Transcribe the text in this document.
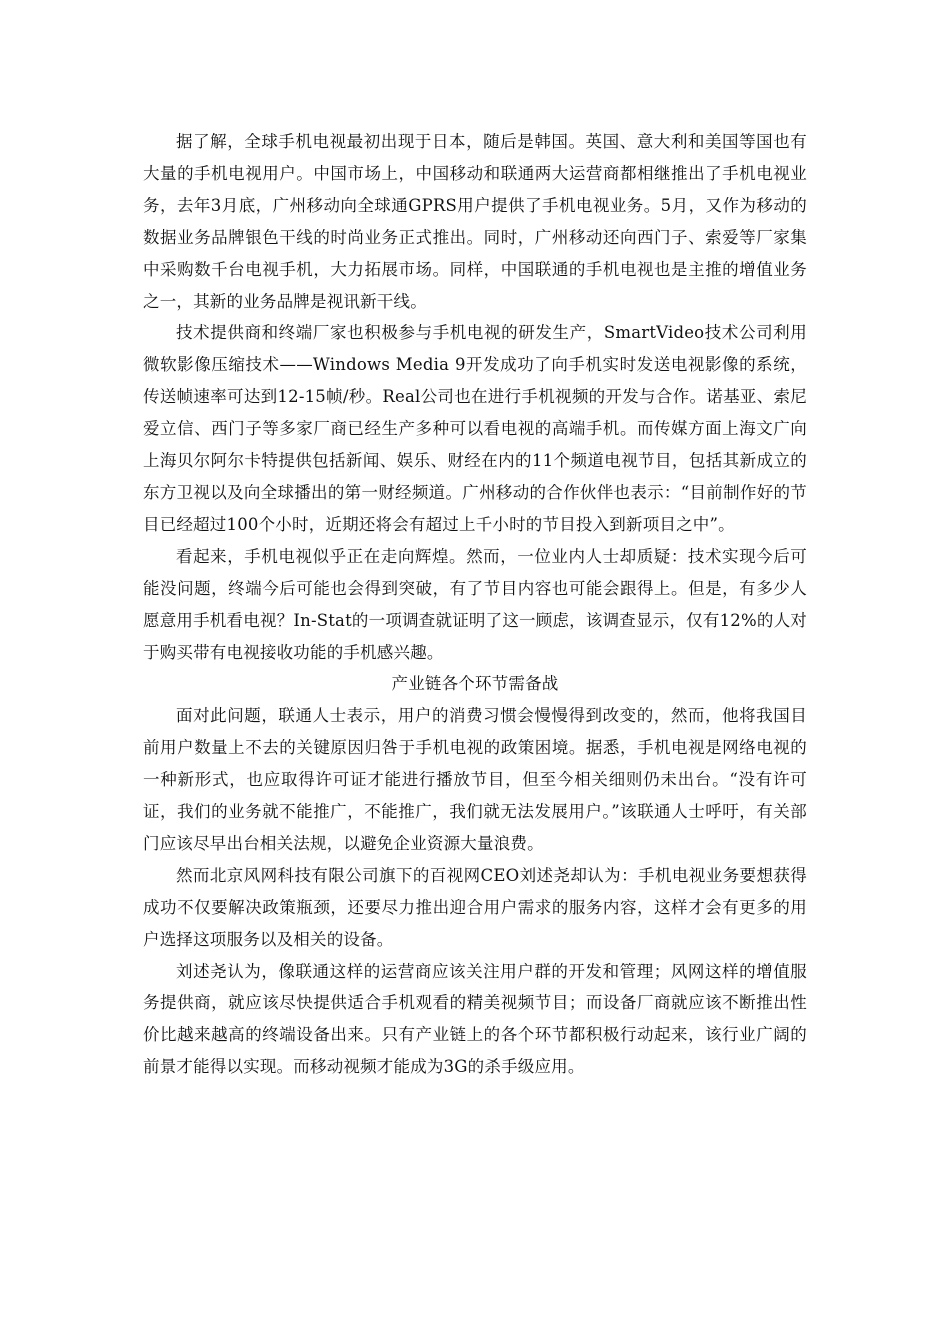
据了解，全球手机电视最初出现于日本，随后是韩国。英国、意大利和美国等国也有大量的手机电视用户。中国市场上，中国移动和联通两大运营商都相继推出了手机电视业务，去年3月底，广州移动向全球通GPRS用户提供了手机电视业务。5月，又作为移动的数据业务品牌银色干线的时尚业务正式推出。同时，广州移动还向西门子、索爱等厂家集中采购数千台电视手机，大力拓展市场。同样，中国联通的手机电视也是主推的增值业务之一，其新的业务品牌是视讯新干线。

技术提供商和终端厂家也积极参与手机电视的研发生产，SmartVideo技术公司利用微软影像压缩技术——Windows Media 9开发成功了向手机实时发送电视影像的系统，传送帧速率可达到12-15帧/秒。Real公司也在进行手机视频的开发与合作。诺基亚、索尼爱立信、西门子等多家厂商已经生产多种可以看电视的高端手机。而传媒方面上海文广向上海贝尔阿尔卡特提供包括新闻、娱乐、财经在内的11个频道电视节目，包括其新成立的东方卫视以及向全球播出的第一财经频道。广州移动的合作伙伴也表示：“目前制作好的节目已经超过100个小时，近期还将会有超过上千小时的节目投入到新项目之中”。

看起来，手机电视似乎正在走向辉煌。然而，一位业内人士却质疑：技术实现今后可能没问题，终端今后可能也会得到突破，有了节目内容也可能会跟得上。但是，有多少人愿意用手机看电视？In-Stat的一项调查就证明了这一顾虑，该调查显示，仅有12%的人对于购买带有电视接收功能的手机感兴趣。

产业链各个环节需备战

面对此问题，联通人士表示，用户的消费习惯会慢慢得到改变的，然而，他将我国目前用户数量上不去的关键原因归咎于手机电视的政策困境。据悉，手机电视是网络电视的一种新形式，也应取得许可证才能进行播放节目，但至今相关细则仍未出台。“没有许可证，我们的业务就不能推广，不能推广，我们就无法发展用户。”该联通人士呼吁，有关部门应该尽早出台相关法规，以避免企业资源大量浪费。

然而北京风网科技有限公司旗下的百视网CEO刘述尧却认为：手机电视业务要想获得成功不仅要解决政策瓶颈，还要尽力推出迎合用户需求的服务内容，这样才会有更多的用户选择这项服务以及相关的设备。

刘述尧认为，像联通这样的运营商应该关注用户群的开发和管理；风网这样的增值服务提供商，就应该尽快提供适合手机观看的精美视频节目；而设备厂商就应该不断推出性价比越来越高的终端设备出来。只有产业链上的各个环节都积极行动起来，该行业广阔的前景才能得以实现。而移动视频才能成为3G的杀手级应用。
